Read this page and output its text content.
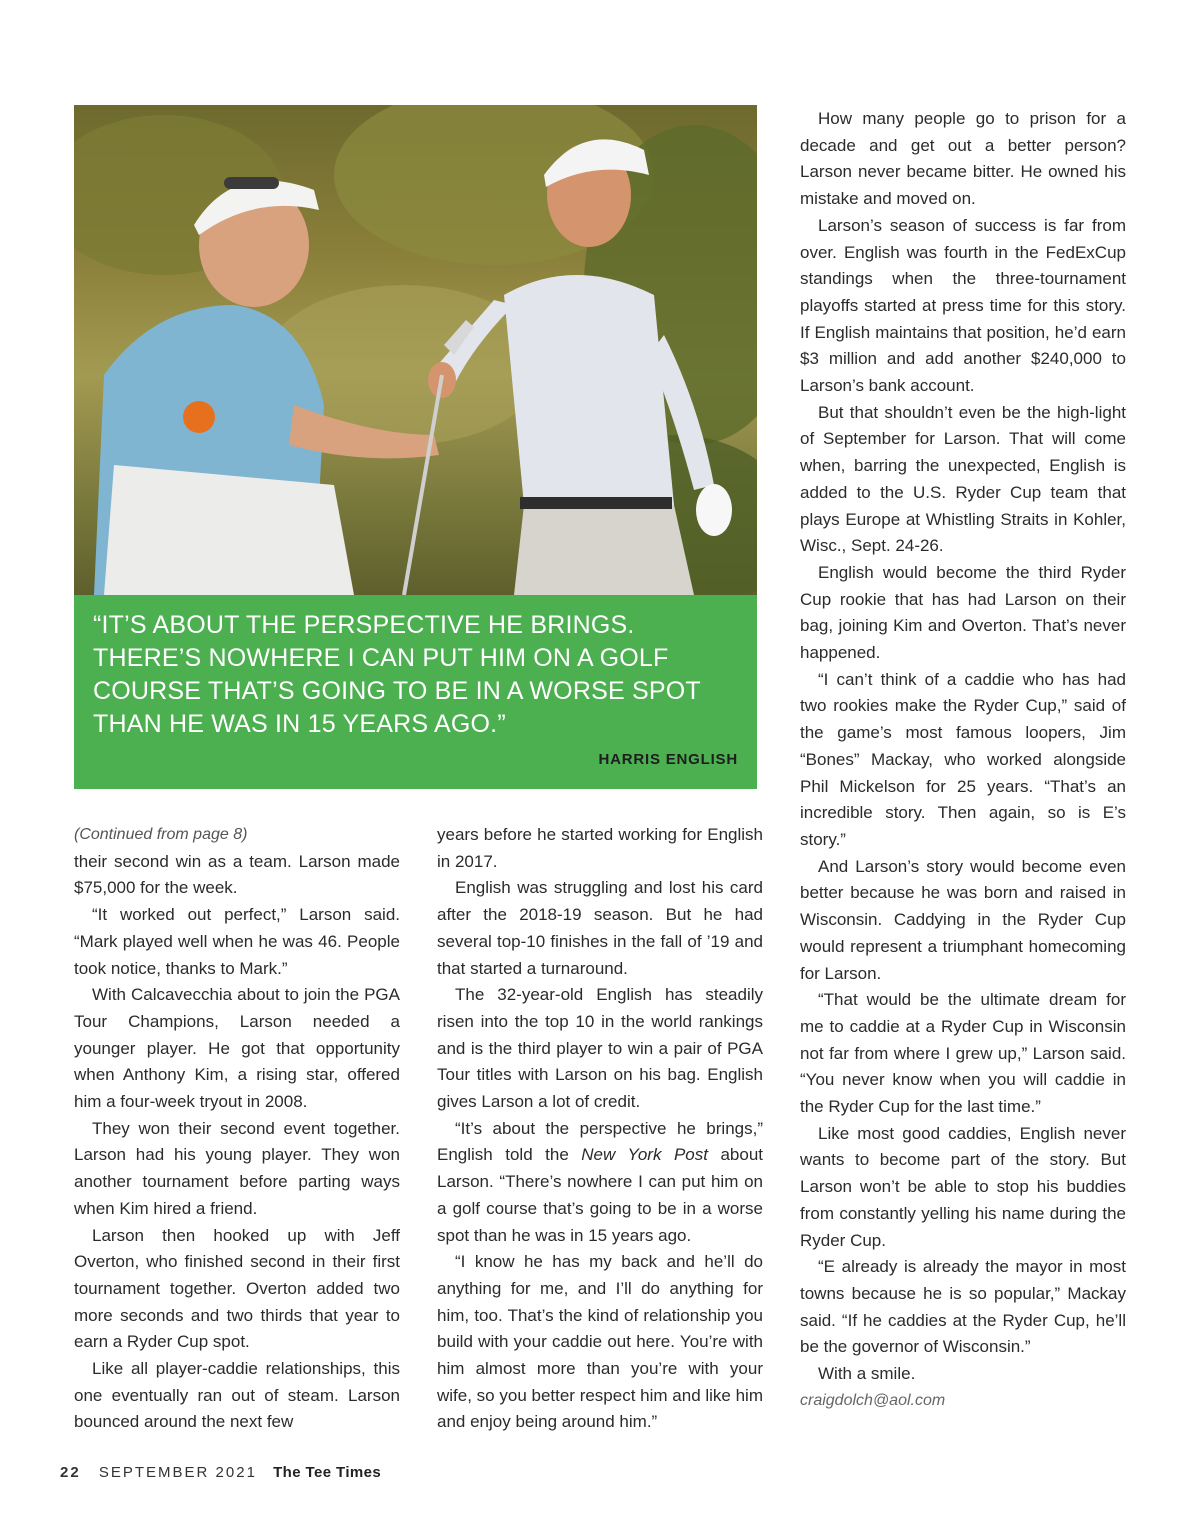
“IT’S ABOUT THE PERSPECTIVE HE BRINGS.
THERE’S NOWHERE I CAN PUT HIM ON A GOLF
COURSE THAT’S GOING TO BE IN A WORSE SPOT
THAN HE WAS IN 15 YEARS AGO.”

HARRIS ENGLISH

(Continued from page 8)

their second win as a team. Larson made $75,000 for the week.

“It worked out perfect,” Larson said. “Mark played well when he was 46. People took notice, thanks to Mark.”

With Calcavecchia about to join the PGA Tour Champions, Larson needed a younger player. He got that opportunity when Anthony Kim, a rising star, offered him a four-week tryout in 2008.

They won their second event together. Larson had his young player. They won another tournament before parting ways when Kim hired a friend.

Larson then hooked up with Jeff Overton, who finished second in their first tournament together. Overton added two more seconds and two thirds that year to earn a Ryder Cup spot.

Like all player-caddie relationships, this one eventually ran out of steam. Larson bounced around the next few

years before he started working for English in 2017.

English was struggling and lost his card after the 2018-19 season. But he had several top-10 finishes in the fall of ’19 and that started a turnaround.

The 32-year-old English has steadily risen into the top 10 in the world rankings and is the third player to win a pair of PGA Tour titles with Larson on his bag. English gives Larson a lot of credit.

“It’s about the perspective he brings,” English told the New York Post about Larson. “There’s nowhere I can put him on a golf course that’s going to be in a worse spot than he was in 15 years ago.

“I know he has my back and he’ll do anything for me, and I’ll do anything for him, too. That’s the kind of relationship you build with your caddie out here. You’re with him almost more than you’re with your wife, so you better respect him and like him and enjoy being around him.”

How many people go to prison for a decade and get out a better person? Larson never became bitter. He owned his mistake and moved on.

Larson’s season of success is far from over. English was fourth in the FedExCup standings when the three-tournament playoffs started at press time for this story. If English maintains that position, he’d earn $3 million and add another $240,000 to Larson’s bank account.

But that shouldn’t even be the high-light of September for Larson. That will come when, barring the unexpected, English is added to the U.S. Ryder Cup team that plays Europe at Whistling Straits in Kohler, Wisc., Sept. 24-26.

English would become the third Ryder Cup rookie that has had Larson on their bag, joining Kim and Overton. That’s never happened.

“I can’t think of a caddie who has had two rookies make the Ryder Cup,” said of the game’s most famous loopers, Jim “Bones” Mackay, who worked alongside Phil Mickelson for 25 years. “That’s an incredible story. Then again, so is E’s story.”

And Larson’s story would become even better because he was born and raised in Wisconsin. Caddying in the Ryder Cup would represent a triumphant homecoming for Larson.

“That would be the ultimate dream for me to caddie at a Ryder Cup in Wisconsin not far from where I grew up,” Larson said. “You never know when you will caddie in the Ryder Cup for the last time.”

Like most good caddies, English never wants to become part of the story. But Larson won’t be able to stop his buddies from constantly yelling his name during the Ryder Cup.

“E already is already the mayor in most towns because he is so popular,” Mackay said. “If he caddies at the Ryder Cup, he’ll be the governor of Wisconsin.”

With a smile.

craigdolch@aol.com

22 SEPTEMBER 2021 The Tee Times
